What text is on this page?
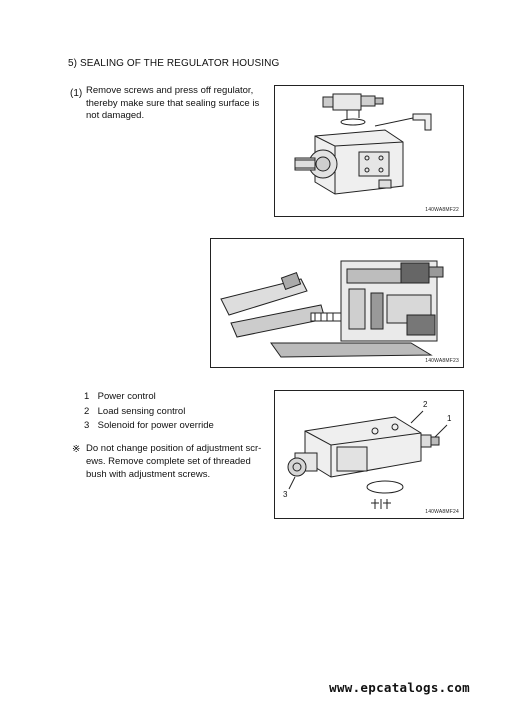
5) SEALING OF THE REGULATOR HOUSING
(1) Remove screws and press off regulator, thereby make sure that sealing surface is not damaged.
140WA8MF22
140WA8MF23
1
2
3
140WA8MF24
1 Power control
2 Load sensing control
3 Solenoid for power override
※ Do not change position of adjustment scr-ews. Remove complete set of threaded bush with adjustment screws.
www.epcatalogs.com
